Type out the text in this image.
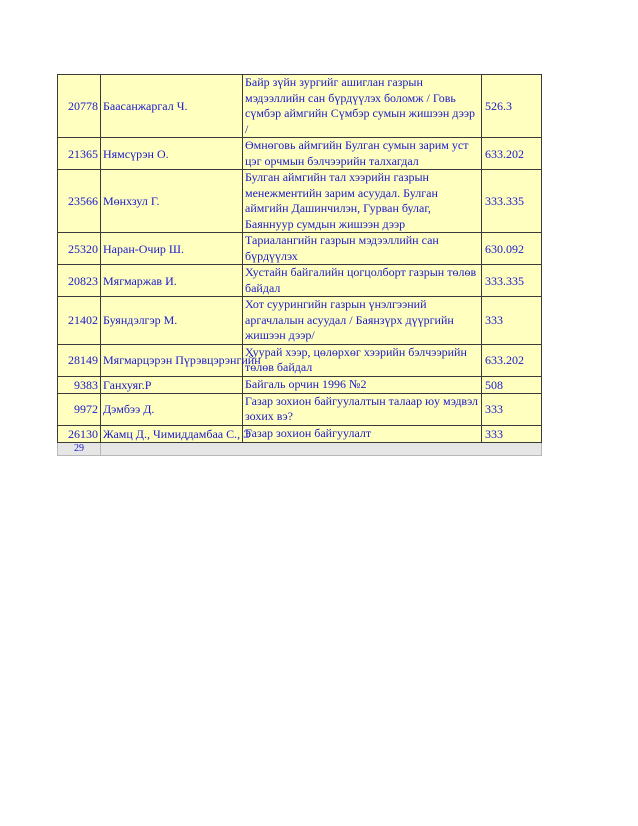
20778	Баасанжаргал Ч.	Байр зүйн зургийг ашиглан газрын мэдээллийн сан бүрдүүлэх боломж / Говь сүмбэр аймгийн Сүмбэр сумын жишээн дээр /	526.3
21365	Нямсүрэн О.	Өмнөговь аймгийн Булган сумын зарим уст цэг орчмын бэлчээрийн талхагдал	633.202
23566	Мөнхзул Г.	Булган аймгийн тал хээрийн газрын менежментийн зарим асуудал. Булган аймгийн Дашинчилэн, Гурван булаг, Баяннуур сумдын жишээн дээр	333.335
25320	Наран-Очир Ш.	Тариалангийн газрын мэдээллийн сан бүрдүүлэх	630.092
20823	Мягмаржав И.	Хустайн байгалийн цогцолборт газрын төлөв байдал	333.335
21402	Буяндэлгэр М.	Хот суурингийн газрын үнэлгээний аргачлалын асуудал / Баянзүрх дүүргийн жишээн дээр/	333
28149	Мягмарцэрэн Пүрэвцэрэнгийн	Хуурай хээр, цөлөрхөг хээрийн бэлчээрийн төлөв байдал	633.202
9383	Ганхуяг.Р	Байгаль орчин 1996 №2	508
9972	Дэмбээ Д.	Газар зохион байгуулалтын талаар юу мэдвэл зохих вэ?	333
26130	Жамц Д., Чимиддамбаа С., Э	Газар зохион байгуулалт	333
29			
